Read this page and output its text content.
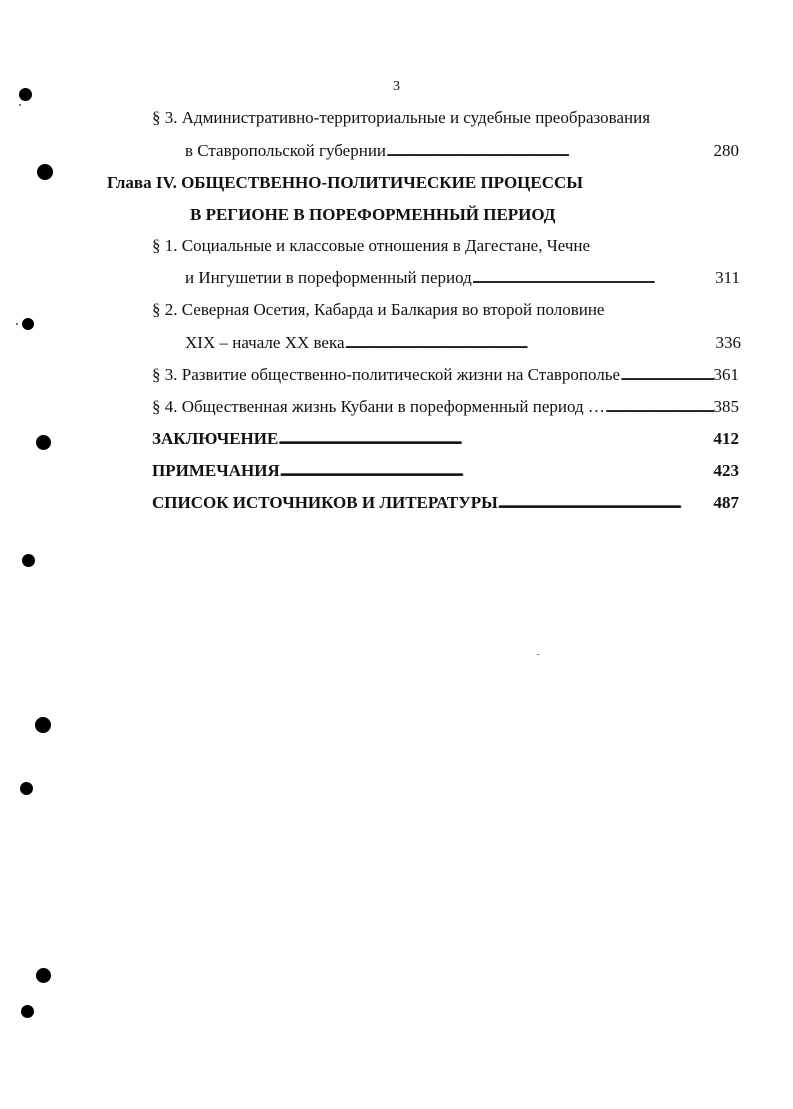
3
§ 3. Административно-территориальные и судебные преобразования
в Ставропольской губернии . . .	280
Глава IV. ОБЩЕСТВЕННО-ПОЛИТИЧЕСКИЕ ПРОЦЕССЫ
В РЕГИОНЕ В ПОРЕФОРМЕННЫЙ ПЕРИОД
§ 1. Социальные и классовые отношения в Дагестане, Чечне
и Ингушетии в пореформенный период . . .	311
§ 2. Северная Осетия, Кабарда и Балкария во второй половине
XIX – начале XX века . . .	336
§ 3. Развитие общественно-политической жизни на Ставрополье . . .	361
§ 4. Общественная жизнь Кубани в пореформенный период … . . .	385
ЗАКЛЮЧЕНИЕ . . .	412
ПРИМЕЧАНИЯ . . .	423
СПИСОК ИСТОЧНИКОВ И ЛИТЕРАТУРЫ . . .	487
